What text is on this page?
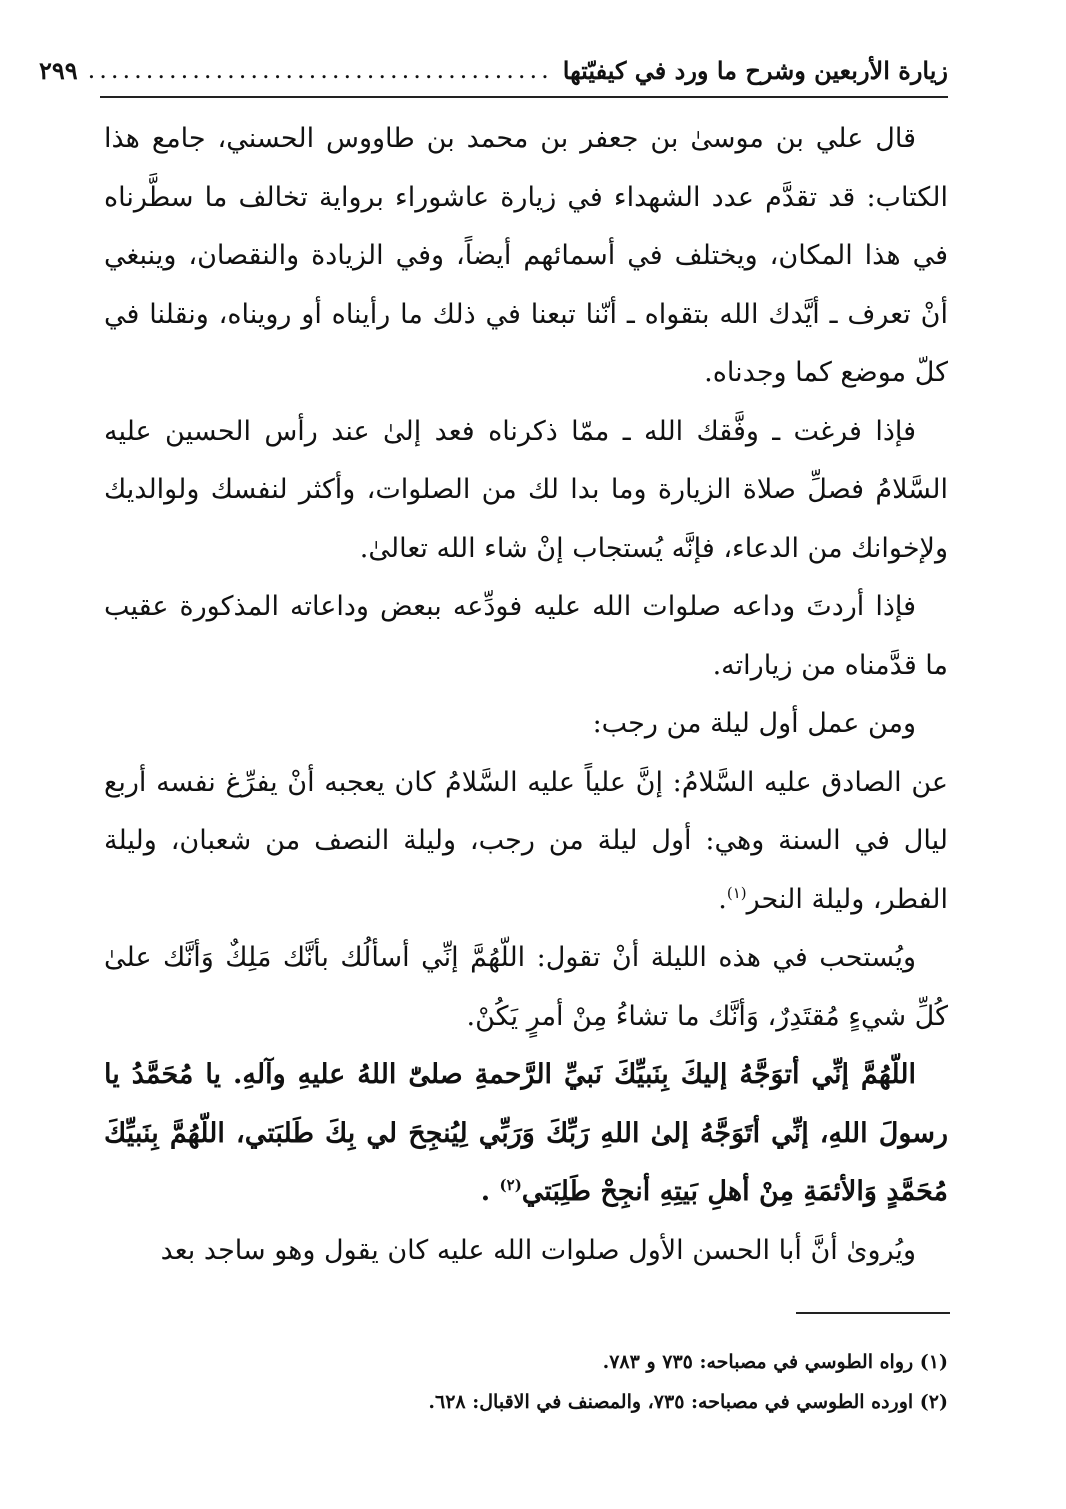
زيارة الأربعين وشرح ما ورد في كيفيّتها
........................................
٢٩٩

قال علي بن موسىٰ بن جعفر بن محمد بن طاووس الحسني، جامع هذا الكتاب: قد تقدَّم عدد الشهداء في زيارة عاشوراء برواية تخالف ما سطَّرناه في هذا المكان، ويختلف في أسمائهم أيضاً، وفي الزيادة والنقصان، وينبغي أنْ تعرف ـ أيَّدك الله بتقواه ـ أنّنا تبعنا في ذلك ما رأيناه أو رويناه، ونقلنا في كلّ موضع كما وجدناه.

فإذا فرغت ـ وفَّقك الله ـ ممّا ذكرناه فعد إلىٰ عند رأس الحسين عليه السَّلامُ فصلِّ صلاة الزيارة وما بدا لك من الصلوات، وأكثر لنفسك ولوالديك ولإخوانك من الدعاء، فإنَّه يُستجاب إنْ شاء الله تعالىٰ.

فإذا أردتَ وداعه صلوات الله عليه فودِّعه ببعض وداعاته المذكورة عقيب ما قدَّمناه من زياراته.

ومن عمل أول ليلة من رجب:

عن الصادق عليه السَّلامُ: إنَّ علياً عليه السَّلامُ كان يعجبه أنْ يفرِّغ نفسه أربع ليال في السنة وهي: أول ليلة من رجب، وليلة النصف من شعبان، وليلة الفطر، وليلة النحر$^{(١)}$.

ويُستحب في هذه الليلة أنْ تقول: اللّهُمَّ إنِّي أسألُك بأنَّك مَلِكٌ وَأنَّك علىٰ كُلِّ شيءٍ مُقتَدِرٌ، وَأنَّك ما تشاءُ مِنْ أمرٍ يَكُنْ.

اللّهُمَّ إنِّي أتوَجَّهُ إليكَ بِنَبيِّكَ نَبيِّ الرَّحمةِ صلىّٰ اللهُ عليهِ وآلهِ. يا مُحَمَّدُ يا رسولَ اللهِ، إنِّي أتَوَجَّهُ إلىٰ اللهِ رَبِّكَ وَرَبِّي لِيُنجِحَ لي بِكَ طَلبَتي، اللّهُمَّ بِنَبيِّكَ مُحَمَّدٍ وَالأئمَةِ مِنْ أهلِ بَيتِهِ أنجِحْ طَلِبَتي$^{(٢)}$ .

ويُروىٰ أنَّ أبا الحسن الأول صلوات الله عليه كان يقول وهو ساجد بعد

(١) رواه الطوسي في مصباحه: ٧٣٥ و ٧٨٣.

(٢) اورده الطوسي في مصباحه: ٧٣٥، والمصنف في الاقبال: ٦٢٨.
